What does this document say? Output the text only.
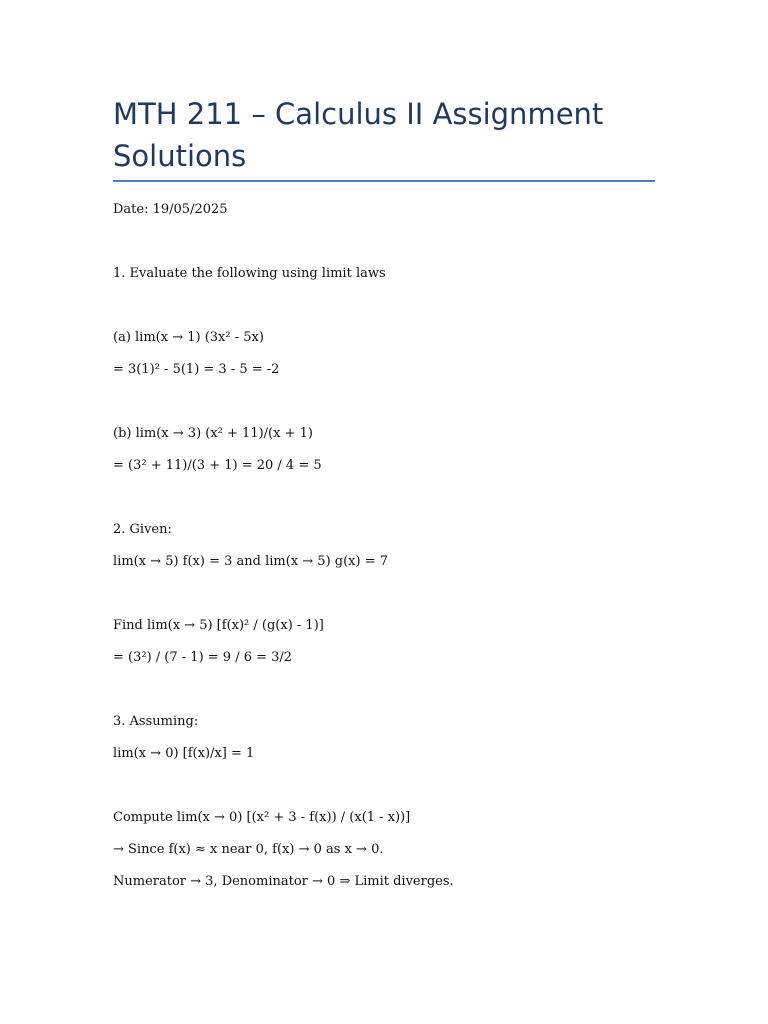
MTH 211 – Calculus II Assignment Solutions
Date: 19/05/2025
1. Evaluate the following using limit laws
(a) lim(x → 1) (3x² - 5x)
= 3(1)² - 5(1) = 3 - 5 = -2
(b) lim(x → 3) (x² + 11)/(x + 1)
= (3² + 11)/(3 + 1) = 20 / 4 = 5
2. Given:
lim(x → 5) f(x) = 3 and lim(x → 5) g(x) = 7
Find lim(x → 5) [f(x)² / (g(x) - 1)]
= (3²) / (7 - 1) = 9 / 6 = 3/2
3. Assuming:
lim(x → 0) [f(x)/x] = 1
Compute lim(x → 0) [(x² + 3 - f(x)) / (x(1 - x))]
→ Since f(x) ≈ x near 0, f(x) → 0 as x → 0.
Numerator → 3, Denominator → 0 ⇒ Limit diverges.
